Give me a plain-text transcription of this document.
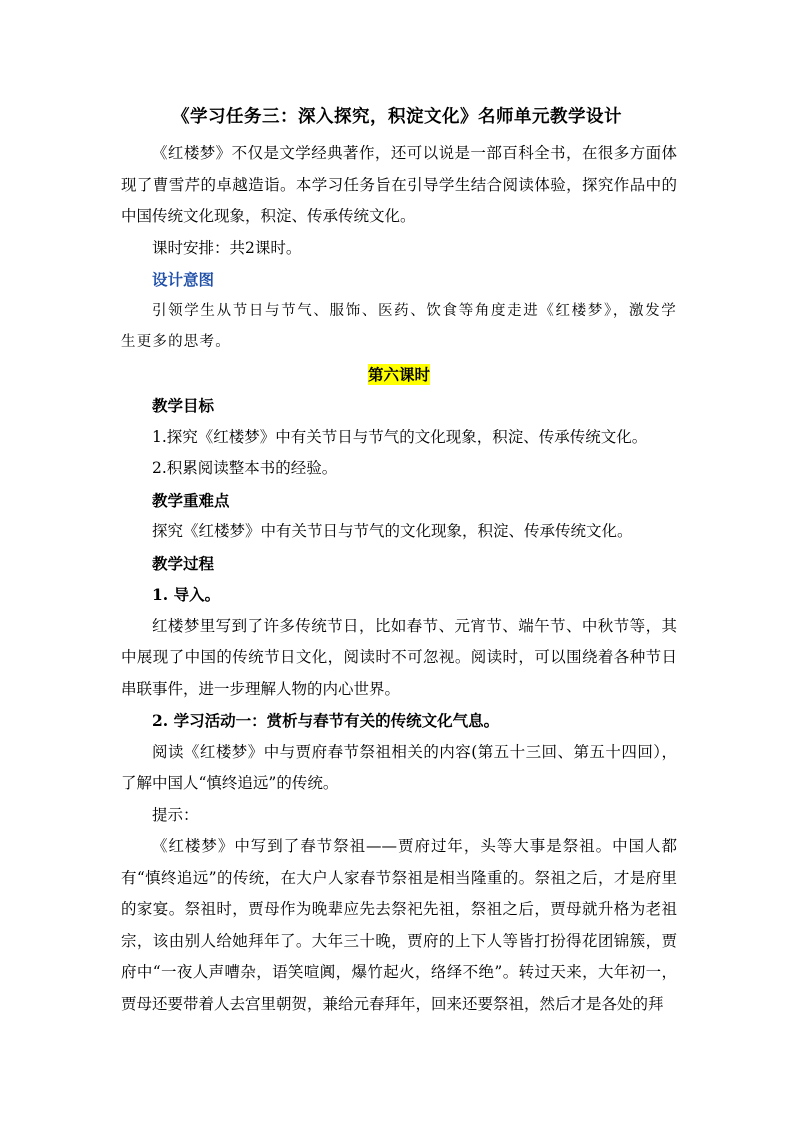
《学习任务三：深入探究，积淀文化》名师单元教学设计

《红楼梦》不仅是文学经典著作，还可以说是一部百科全书，在很多方面体现了曹雪芹的卓越造诣。本学习任务旨在引导学生结合阅读体验，探究作品中的中国传统文化现象，积淀、传承传统文化。

课时安排：共2课时。

设计意图

引领学生从节日与节气、服饰、医药、饮食等角度走进《红楼梦》，激发学生更多的思考。

第六课时

教学目标

1.探究《红楼梦》中有关节日与节气的文化现象，积淀、传承传统文化。

2.积累阅读整本书的经验。

教学重难点

探究《红楼梦》中有关节日与节气的文化现象，积淀、传承传统文化。

教学过程

1. 导入。

红楼梦里写到了许多传统节日，比如春节、元宵节、端午节、中秋节等，其中展现了中国的传统节日文化，阅读时不可忽视。阅读时，可以围绕着各种节日串联事件，进一步理解人物的内心世界。

2. 学习活动一：赏析与春节有关的传统文化气息。

阅读《红楼梦》中与贾府春节祭祖相关的内容(第五十三回、第五十四回），了解中国人“慎终追远”的传统。

提示：

《红楼梦》中写到了春节祭祖——贾府过年，头等大事是祭祖。中国人都有“慎终追远”的传统，在大户人家春节祭祖是相当隆重的。祭祖之后，才是府里的家宴。祭祖时，贾母作为晚辈应先去祭祀先祖，祭祖之后，贾母就升格为老祖宗，该由别人给她拜年了。大年三十晚，贾府的上下人等皆打扮得花团锦簇，贾府中“一夜人声嘈杂，语笑喧阗，爆竹起火，络绎不绝”。转过天来，大年初一，贾母还要带着人去宫里朝贺，兼给元春拜年，回来还要祭祖，然后才是各处的拜
